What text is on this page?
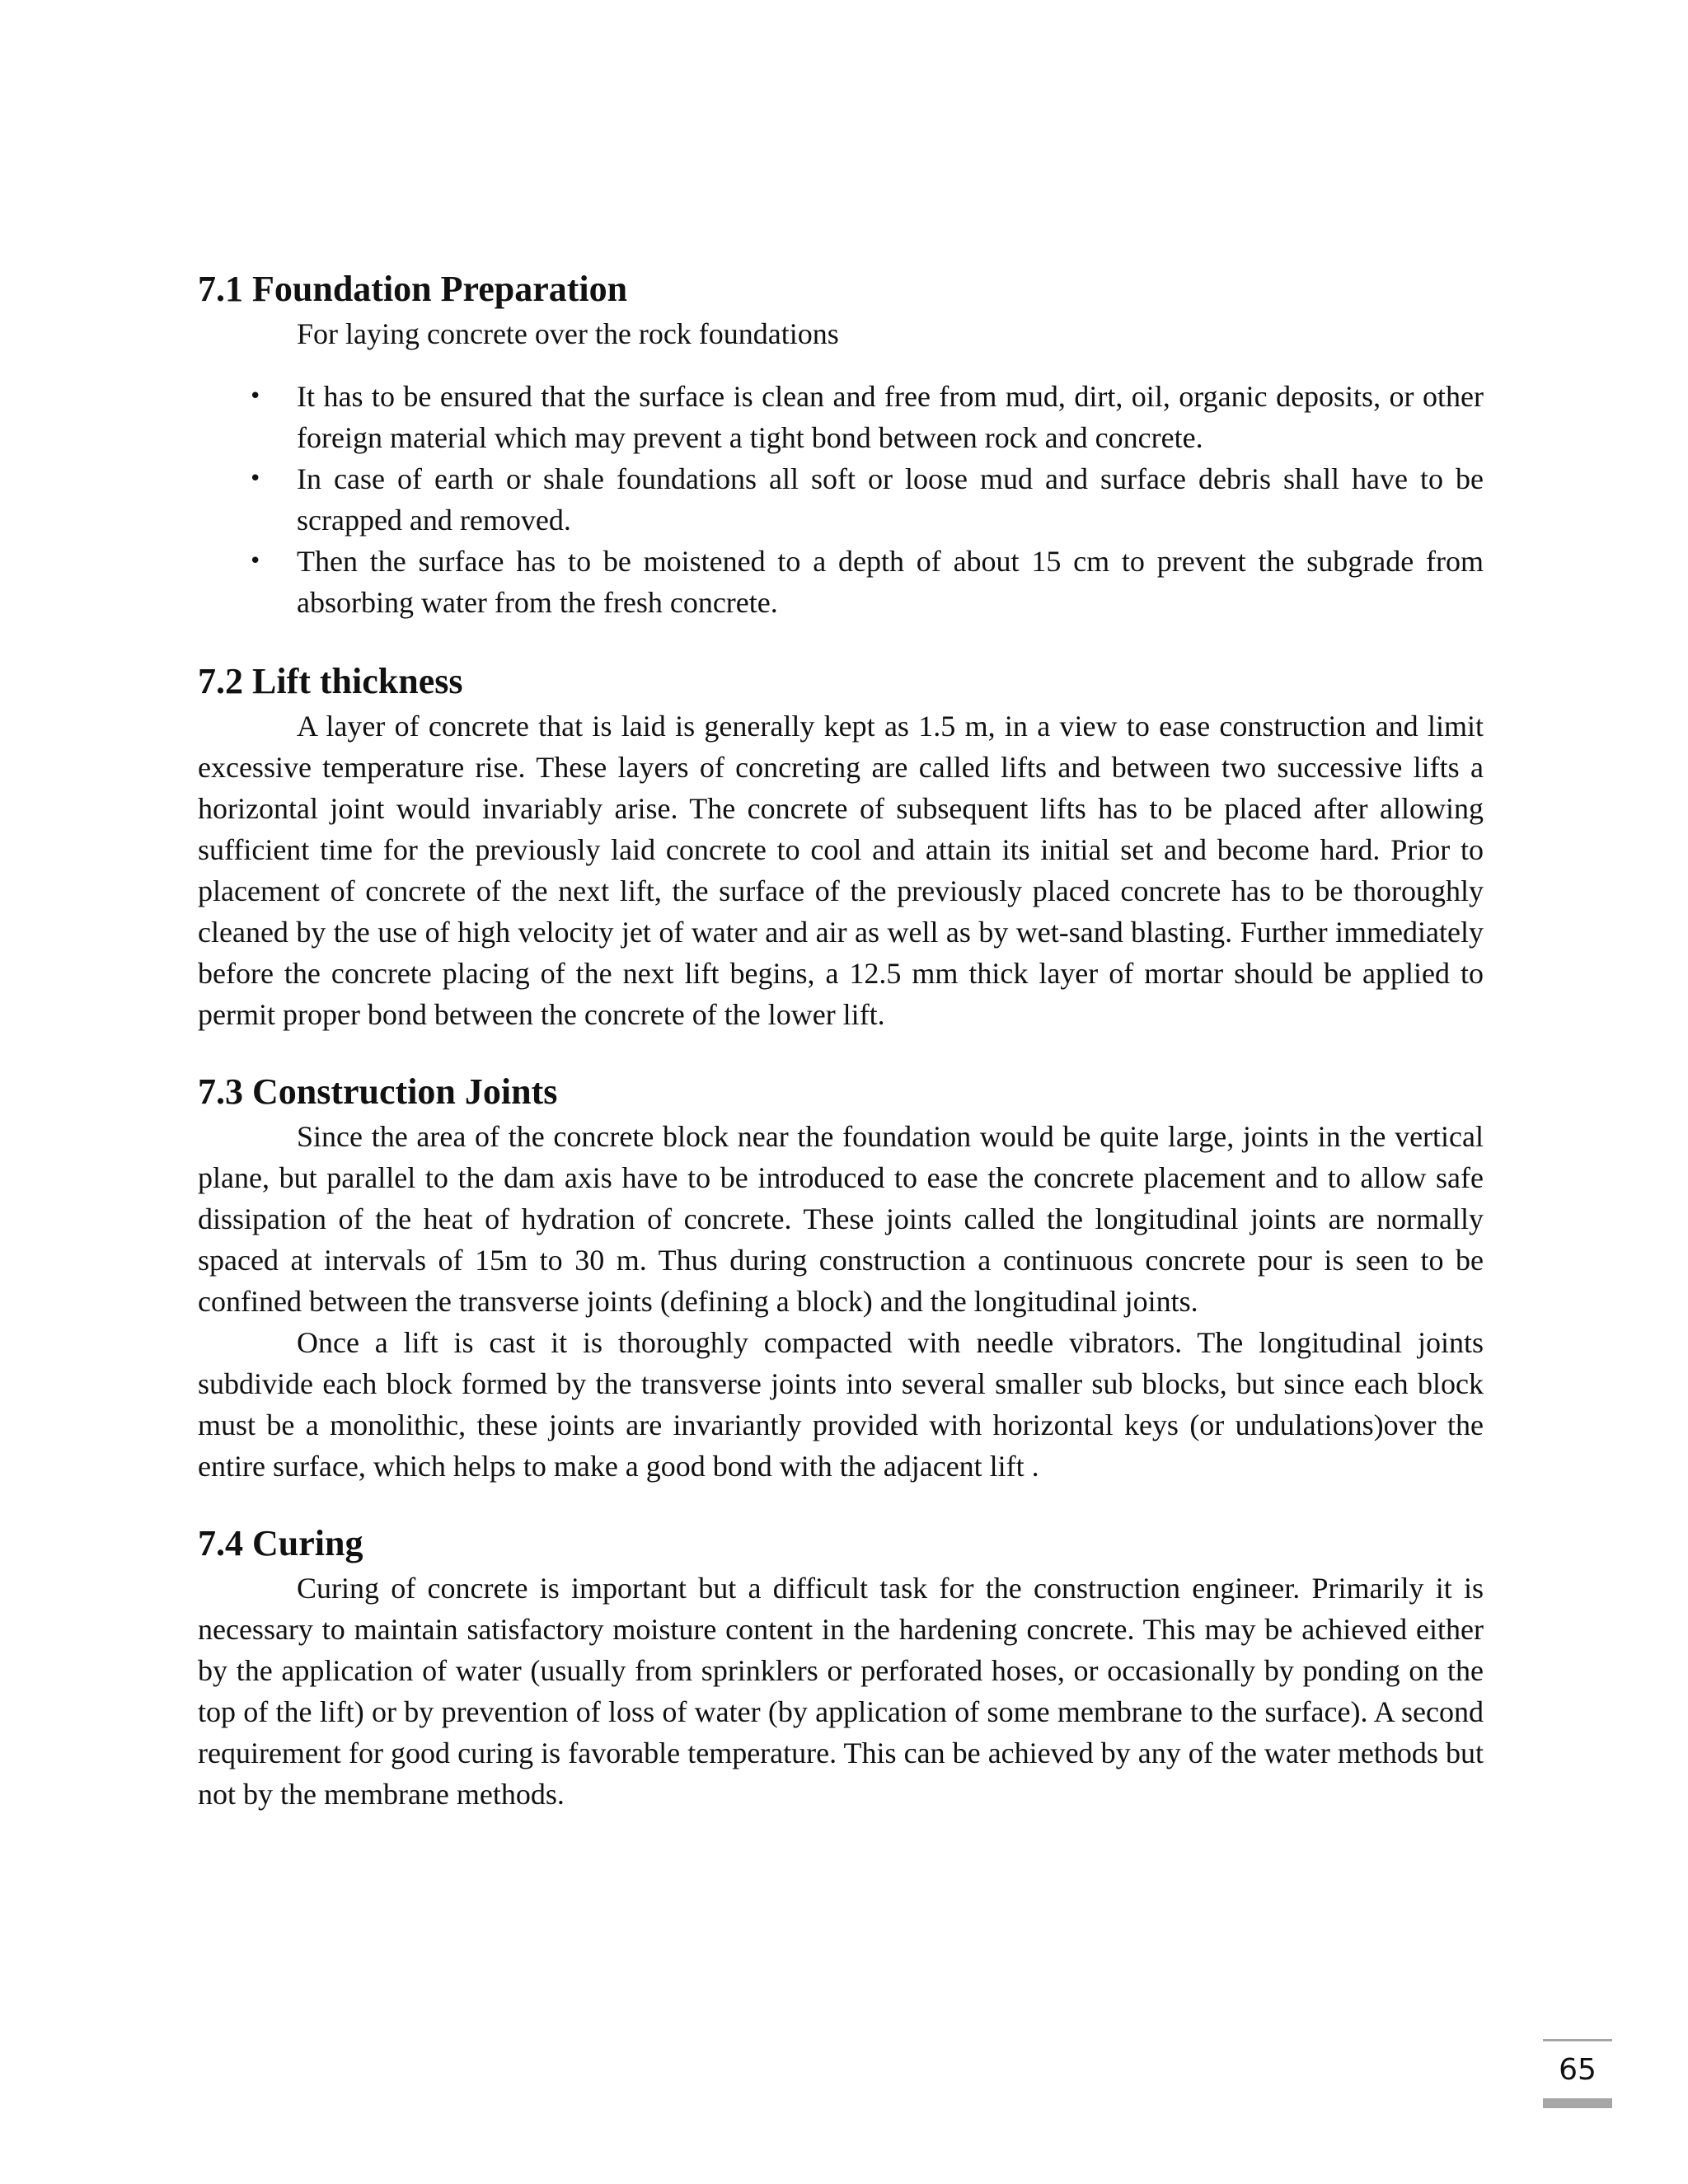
7.1 Foundation Preparation

For laying concrete over the rock foundations

• It has to be ensured that the surface is clean and free from mud, dirt, oil, organic deposits, or other foreign material which may prevent a tight bond between rock and concrete.
• In case of earth or shale foundations all soft or loose mud and surface debris shall have to be scrapped and removed.
• Then the surface has to be moistened to a depth of about 15 cm to prevent the subgrade from absorbing water from the fresh concrete.
7.2 Lift thickness

A layer of concrete that is laid is generally kept as 1.5 m, in a view to ease construction and limit excessive temperature rise. These layers of concreting are called lifts and between two successive lifts a horizontal joint would invariably arise. The concrete of subsequent lifts has to be placed after allowing sufficient time for the previously laid concrete to cool and attain its initial set and become hard. Prior to placement of concrete of the next lift, the surface of the previously placed concrete has to be thoroughly cleaned by the use of high velocity jet of water and air as well as by wet-sand blasting. Further immediately before the concrete placing of the next lift begins, a 12.5 mm thick layer of mortar should be applied to permit proper bond between the concrete of the lower lift.

7.3 Construction Joints

Since the area of the concrete block near the foundation would be quite large, joints in the vertical plane, but parallel to the dam axis have to be introduced to ease the concrete placement and to allow safe dissipation of the heat of hydration of concrete. These joints called the longitudinal joints are normally spaced at intervals of 15m to 30 m. Thus during construction a continuous concrete pour is seen to be confined between the transverse joints (defining a block) and the longitudinal joints.

Once a lift is cast it is thoroughly compacted with needle vibrators. The longitudinal joints subdivide each block formed by the transverse joints into several smaller sub blocks, but since each block must be a monolithic, these joints are invariantly provided with horizontal keys (or undulations)over the entire surface, which helps to make a good bond with the adjacent lift .

7.4 Curing

Curing of concrete is important but a difficult task for the construction engineer. Primarily it is necessary to maintain satisfactory moisture content in the hardening concrete. This may be achieved either by the application of water (usually from sprinklers or perforated hoses, or occasionally by ponding on the top of the lift) or by prevention of loss of water (by application of some membrane to the surface). A second requirement for good curing is favorable temperature. This can be achieved by any of the water methods but not by the membrane methods.

65
